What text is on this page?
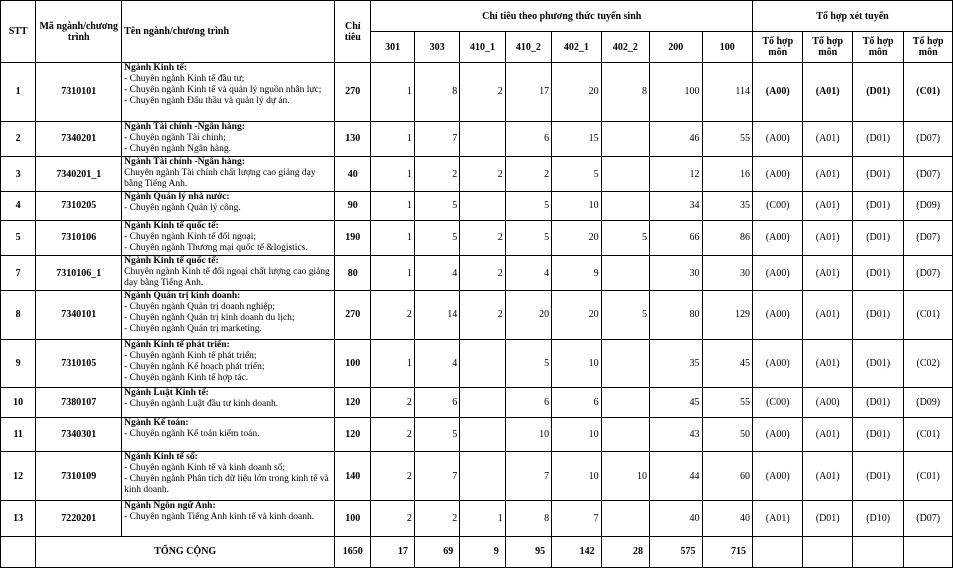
STT	Mã ngành/chương trình	Tên ngành/chương trình	Chỉ tiêu	Chỉ tiêu theo phương thức tuyển sinh								Tổ hợp xét tuyển			
				301	303	410_1	410_2	402_1	402_2	200	100	Tổ hợp môn	Tổ hợp môn	Tổ hợp môn	Tổ hợp môn
1	7310101	Ngành Kinh tế:
- Chuyên ngành Kinh tế đầu tư;
- Chuyên ngành Kinh tế và quản lý nguồn nhân lực;
- Chuyên ngành Đấu thầu và quản lý dự án.	270	1	8	2	17	20	8	100	114	(A00)	(A01)	(D01)	(C01)
2	7340201	Ngành Tài chính -Ngân hàng:
- Chuyên ngành Tài chính;
- Chuyên ngành Ngân hàng.	130	1	7		6	15		46	55	(A00)	(A01)	(D01)	(D07)
3	7340201_1	Ngành Tài chính -Ngân hàng:
Chuyên ngành Tài chính chất lượng cao giảng dạy bằng Tiếng Anh.	40	1	2	2	2	5		12	16	(A00)	(A01)	(D01)	(D07)
4	7310205	Ngành Quản lý nhà nước:
- Chuyên ngành Quản lý công.	90	1	5		5	10		34	35	(C00)	(A01)	(D01)	(D09)
5	7310106	Ngành Kinh tế quốc tế:
- Chuyên ngành Kinh tế đối ngoại;
- Chuyên ngành Thương mại quốc tế &logistics.	190	1	5	2	5	20	5	66	86	(A00)	(A01)	(D01)	(D07)
7	7310106_1	Ngành Kinh tế quốc tế:
Chuyên ngành Kinh tế đối ngoại chất lượng cao giảng dạy bằng Tiếng Anh.	80	1	4	2	4	9		30	30	(A00)	(A01)	(D01)	(D07)
8	7340101	Ngành Quản trị kinh doanh:
- Chuyên ngành Quản trị doanh nghiệp;
- Chuyên ngành Quản trị kinh doanh du lịch;
- Chuyên ngành Quản trị marketing.	270	2	14	2	20	20	5	80	129	(A00)	(A01)	(D01)	(C01)
9	7310105	Ngành Kinh tế phát triển:
- Chuyên ngành Kinh tế phát triển;
- Chuyên ngành Kế hoạch phát triển;
- Chuyên ngành Kinh tế hợp tác.	100	1	4		5	10		35	45	(A00)	(A01)	(D01)	(C02)
10	7380107	Ngành Luật Kinh tế:
- Chuyên ngành Luật đầu tư kinh doanh.	120	2	6		6	6		45	55	(C00)	(A00)	(D01)	(D09)
11	7340301	Ngành Kế toán:
- Chuyên ngành Kế toán kiểm toán.	120	2	5		10	10		43	50	(A00)	(A01)	(D01)	(C01)
12	7310109	Ngành Kinh tế số:
- Chuyên ngành Kinh tế và kinh doanh số;
- Chuyên ngành Phân tích dữ liệu lớn trong kinh tế và kinh doanh.	140	2	7		7	10	10	44	60	(A00)	(A01)	(D01)	(C01)
13	7220201	Ngành Ngôn ngữ Anh:
- Chuyên ngành Tiếng Anh kinh tế và kinh doanh.	100	2	2	1	8	7		40	40	(A01)	(D01)	(D10)	(D07)
	TỔNG CỘNG		1650	17	69	9	95	142	28	575	715				
